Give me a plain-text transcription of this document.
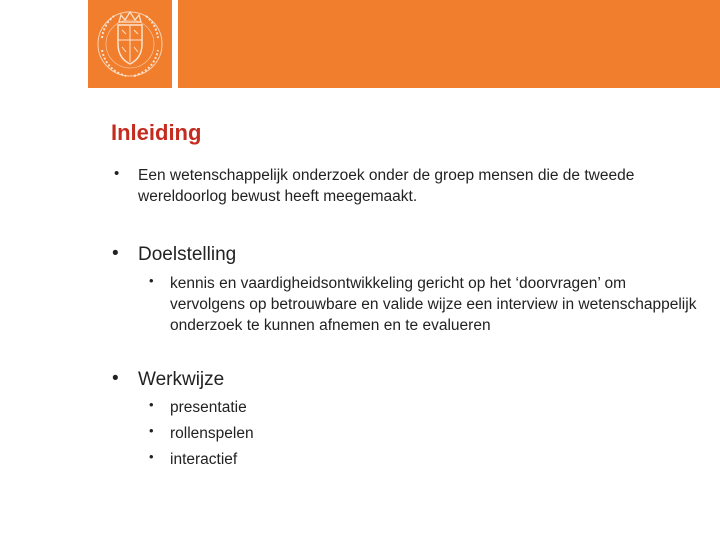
Inleiding
• Een wetenschappelijk onderzoek onder de groep mensen die de tweede wereldoorlog bewust heeft meegemaakt.
• Doelstelling
• kennis en vaardigheidsontwikkeling gericht op het ‘doorvragen’ om vervolgens op betrouwbare en valide wijze een interview in wetenschappelijk onderzoek te kunnen afnemen en te evalueren
• Werkwijze
• presentatie
• rollenspelen
• interactief
